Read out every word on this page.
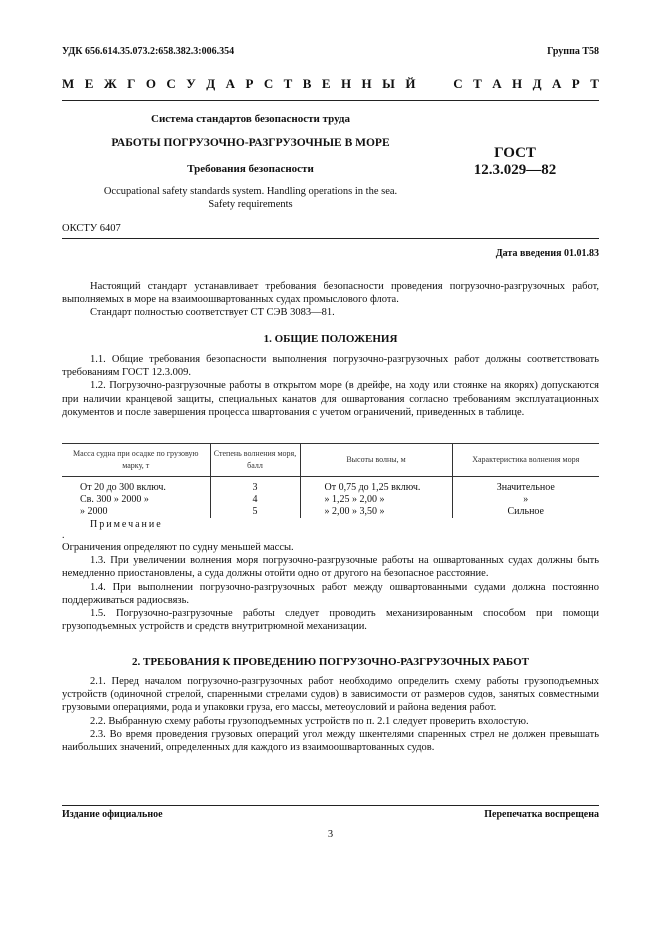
УДК 656.614.35.073.2:658.382.3:006.354	Группа Т58
М Е Ж Г О С У Д А Р С Т В Е Н Н Ы Й

	С Т А Н Д А Р Т
Система стандартов безопасности труда
РАБОТЫ ПОГРУЗОЧНО-РАЗГРУЗОЧНЫЕ В МОРЕ
Требования безопасности
Occupational safety standards system. Handling operations in the sea.
Safety requirements
ГОСТ
12.3.029—82
ОКСТУ 6407
Дата введения 01.01.83

Настоящий стандарт устанавливает требования безопасности проведения погрузочно-разгрузочных работ, выполняемых в море на взаимоошвартованных судах промыслового флота.

Стандарт полностью соответствует СТ СЭВ 3083—81.

1. ОБЩИЕ ПОЛОЖЕНИЯ

1.1. Общие требования безопасности выполнения погрузочно-разгрузочных работ должны соответствовать требованиям ГОСТ 12.3.009.

1.2. Погрузочно-разгрузочные работы в открытом море (в дрейфе, на ходу или стоянке на якорях) допускаются при наличии кранцевой защиты, специальных канатов для ошвартования согласно требованиям эксплуатационных документов и после завершения процесса швартования с учетом ограничений, приведенных в таблице.

Масса судна при осадке по грузовую марку, т	Степень волнения моря, балл	Высоты волны, м	Характеристика волнения моря
От 20 до 300 включ.	3	От 0,75 до 1,25 включ.	Значительное
Св. 300 » 2000 »	4	» 1,25 » 2,00 »	»
» 2000	5	» 2,00 » 3,50 »	Сильное
Примечание
.

Ограничения определяют по судну меньшей массы.

1.3. При увеличении волнения моря погрузочно-разгрузочные работы на ошвартованных судах должны быть немедленно приостановлены, а суда должны отойти одно от другого на безопасное расстояние.

1.4. При выполнении погрузочно-разгрузочных работ между ошвартованными судами должна постоянно поддерживаться радиосвязь.

1.5. Погрузочно-разгрузочные работы следует проводить механизированным способом при помощи грузоподъемных устройств и средств внутритрюмной механизации.

2. ТРЕБОВАНИЯ К ПРОВЕДЕНИЮ ПОГРУЗОЧНО-РАЗГРУЗОЧНЫХ РАБОТ

2.1. Перед началом погрузочно-разгрузочных работ необходимо определить схему работы грузоподъемных устройств (одиночной стрелой, спаренными стрелами судов) в зависимости от размеров судов, занятых совместными грузовыми операциями, рода и упаковки груза, его массы, метеоусловий и района ведения работ.

2.2. Выбранную схему работы грузоподъемных устройств по п. 2.1 следует проверить вхолостую.

2.3. Во время проведения грузовых операций угол между шкентелями спаренных стрел не должен превышать наибольших значений, определенных для каждого из взаимоошвартованных судов.

Издание официальное	Перепечатка воспрещена
3
